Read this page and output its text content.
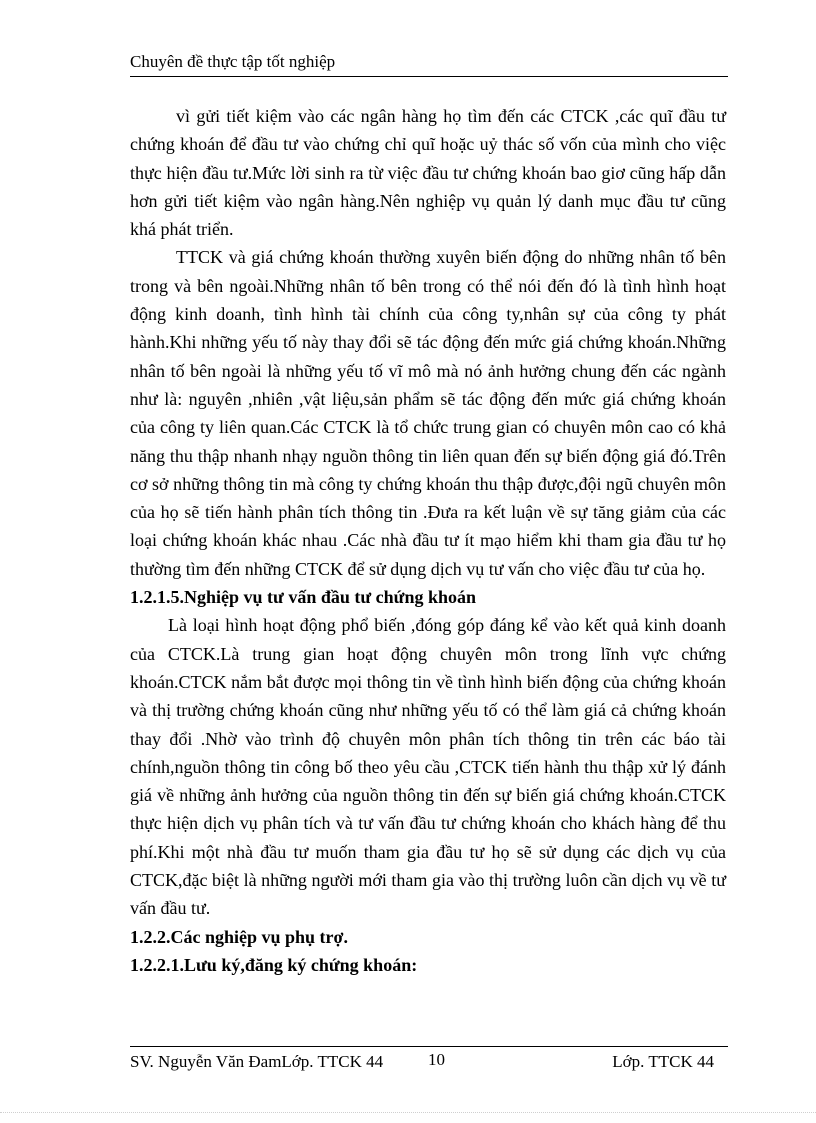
Chuyên đề thực tập tốt nghiệp

vì gửi tiết kiệm vào các ngân hàng họ tìm đến các CTCK ,các quĩ đầu tư chứng khoán để đầu tư vào chứng chỉ quĩ hoặc uỷ thác số vốn của mình cho việc thực hiện đầu tư.Mức lời sinh ra từ việc đầu tư chứng khoán bao giơ cũng hấp dẫn hơn gửi tiết kiệm vào ngân hàng.Nên nghiệp vụ quản lý danh mục đầu tư cũng khá phát triển.

TTCK và giá chứng khoán thường xuyên biến động do những nhân tố bên trong và bên ngoài.Những nhân tố bên trong có thể nói đến đó là tình hình hoạt động kinh doanh, tình hình tài chính của công ty,nhân sự của công ty phát hành.Khi những yếu tố này thay đổi sẽ tác động đến mức giá chứng khoán.Những nhân tố bên ngoài là những yếu tố vĩ mô mà nó ảnh hưởng chung đến các ngành như là: nguyên ,nhiên ,vật liệu,sản phẩm sẽ tác động đến mức giá chứng khoán của công ty liên quan.Các CTCK là tổ chức trung gian có chuyên môn cao có khả năng thu thập nhanh nhạy nguồn thông tin liên quan đến sự biến động giá đó.Trên cơ sở những thông tin mà công ty chứng khoán thu thập được,đội ngũ chuyên môn của họ sẽ tiến hành phân tích thông tin .Đưa ra kết luận về sự tăng giảm của các loại chứng khoán khác nhau .Các nhà đầu tư ít mạo hiểm khi tham gia đầu tư họ thường tìm đến những CTCK để sử dụng dịch vụ tư vấn cho việc đầu tư của họ.

1.2.1.5.Nghiệp vụ tư vấn đầu tư chứng khoán

Là loại hình hoạt động phổ biến ,đóng góp đáng kể vào kết quả kinh doanh của CTCK.Là trung gian hoạt động chuyên môn trong lĩnh vực chứng khoán.CTCK nắm bắt được mọi thông tin về tình hình biến động của chứng khoán và thị trường chứng khoán cũng như những yếu tố có thể làm giá cả chứng khoán thay đổi .Nhờ vào trình độ chuyên môn phân tích thông tin trên các báo tài chính,nguồn thông tin công bố theo yêu cầu ,CTCK tiến hành thu thập xử lý đánh giá về những ảnh hưởng của nguồn thông tin đến sự biến giá chứng khoán.CTCK thực hiện dịch vụ phân tích và tư vấn đầu tư chứng khoán cho khách hàng để thu phí.Khi một nhà đầu tư muốn tham gia đầu tư họ sẽ sử dụng các dịch vụ của CTCK,đặc biệt là những người mới tham gia vào thị trường luôn cần dịch vụ về tư vấn đầu tư.

1.2.2.Các nghiệp vụ phụ trợ.

1.2.2.1.Lưu ký,đăng ký chứng khoán:

SV. Nguyễn Văn ĐamLớp. TTCK 44	10	Lớp. TTCK 44
